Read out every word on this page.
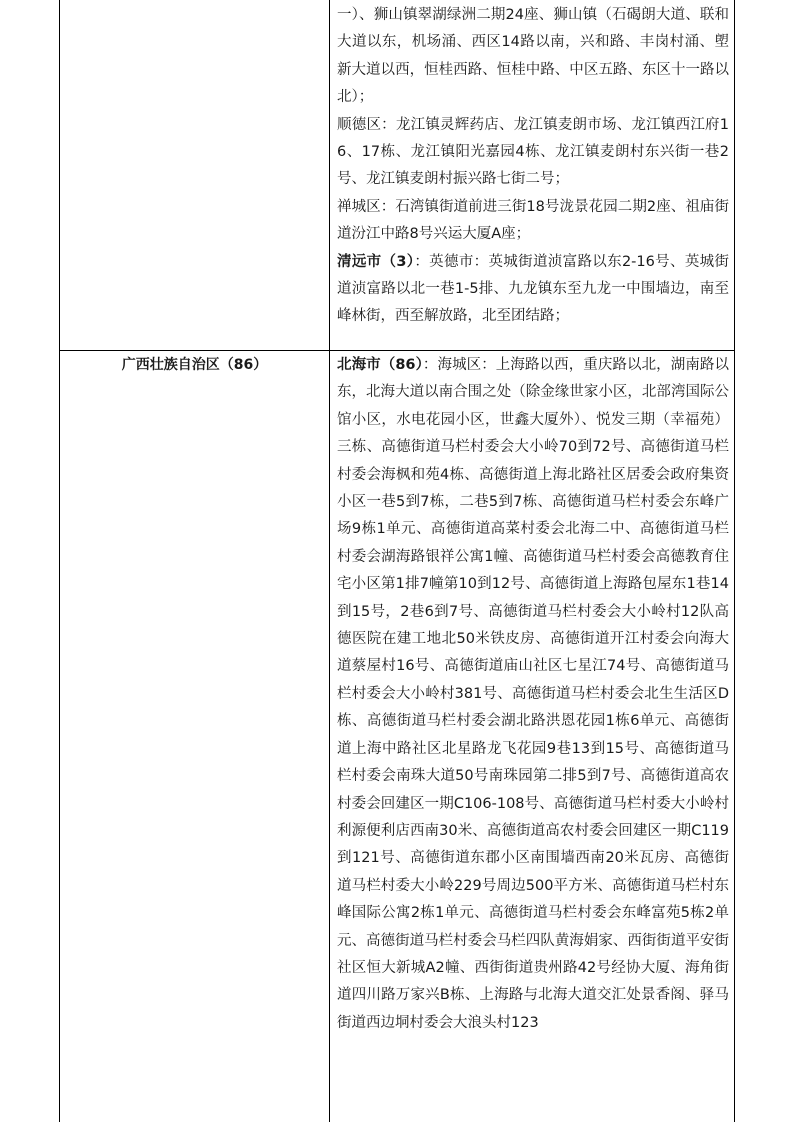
一）、狮山镇翠湖绿洲二期24座、狮山镇（石碣朗大道、联和大道以东，机场涌、西区14路以南，兴和路、丰岗村涌、塱新大道以西，恒桂西路、恒桂中路、中区五路、东区十一路以北）；

顺德区：龙江镇灵辉药店、龙江镇麦朗市场、龙江镇西江府16、17栋、龙江镇阳光嘉园4栋、龙江镇麦朗村东兴街一巷2号、龙江镇麦朗村振兴路七街二号；

禅城区：石湾镇街道前进三街18号泷景花园二期2座、祖庙街道汾江中路8号兴运大厦A座；

清远市（3）：英德市：英城街道浈富路以东2-16号、英城街道浈富路以北一巷1-5排、九龙镇东至九龙一中围墙边，南至峰林街，西至解放路，北至团结路；

广西壮族自治区（86）	北海市（86）：海城区：上海路以西，重庆路以北，湖南路以东，北海大道以南合围之处（除金缘世家小区，北部湾国际公馆小区，水电花园小区，世鑫大厦外）、悦发三期（幸福苑）三栋、高德街道马栏村委会大小岭70到72号、高德街道马栏村委会海枫和苑4栋、高德街道上海北路社区居委会政府集资小区一巷5到7栋，二巷5到7栋、高德街道马栏村委会东峰广场9栋1单元、高德街道高菜村委会北海二中、高德街道马栏村委会湖海路银祥公寓1幢、高德街道马栏村委会高德教育住宅小区第1排7幢第10到12号、高德街道上海路包屋东1巷14到15号，2巷6到7号、高德街道马栏村委会大小岭村12队高德医院在建工地北50米铁皮房、高德街道开江村委会向海大道蔡屋村16号、高德街道庙山社区七星江74号、高德街道马栏村委会大小岭村381号、高德街道马栏村委会北生生活区D栋、高德街道马栏村委会湖北路洪恩花园1栋6单元、高德街道上海中路社区北星路龙飞花园9巷13到15号、高德街道马栏村委会南珠大道50号南珠园第二排5到7号、高德街道高农村委会回建区一期C106-108号、高德街道马栏村委大小岭村利源便利店西南30米、高德街道高农村委会回建区一期C119到121号、高德街道东郡小区南围墙西南20米瓦房、高德街道马栏村委大小岭229号周边500平方米、高德街道马栏村东峰国际公寓2栋1单元、高德街道马栏村委会东峰富苑5栋2单元、高德街道马栏村委会马栏四队黄海娟家、西街街道平安街社区恒大新城A2幢、西街街道贵州路42号经协大厦、海角街道四川路万家兴B栋、上海路与北海大道交汇处景香阁、驿马街道西边垌村委会大浪头村123
